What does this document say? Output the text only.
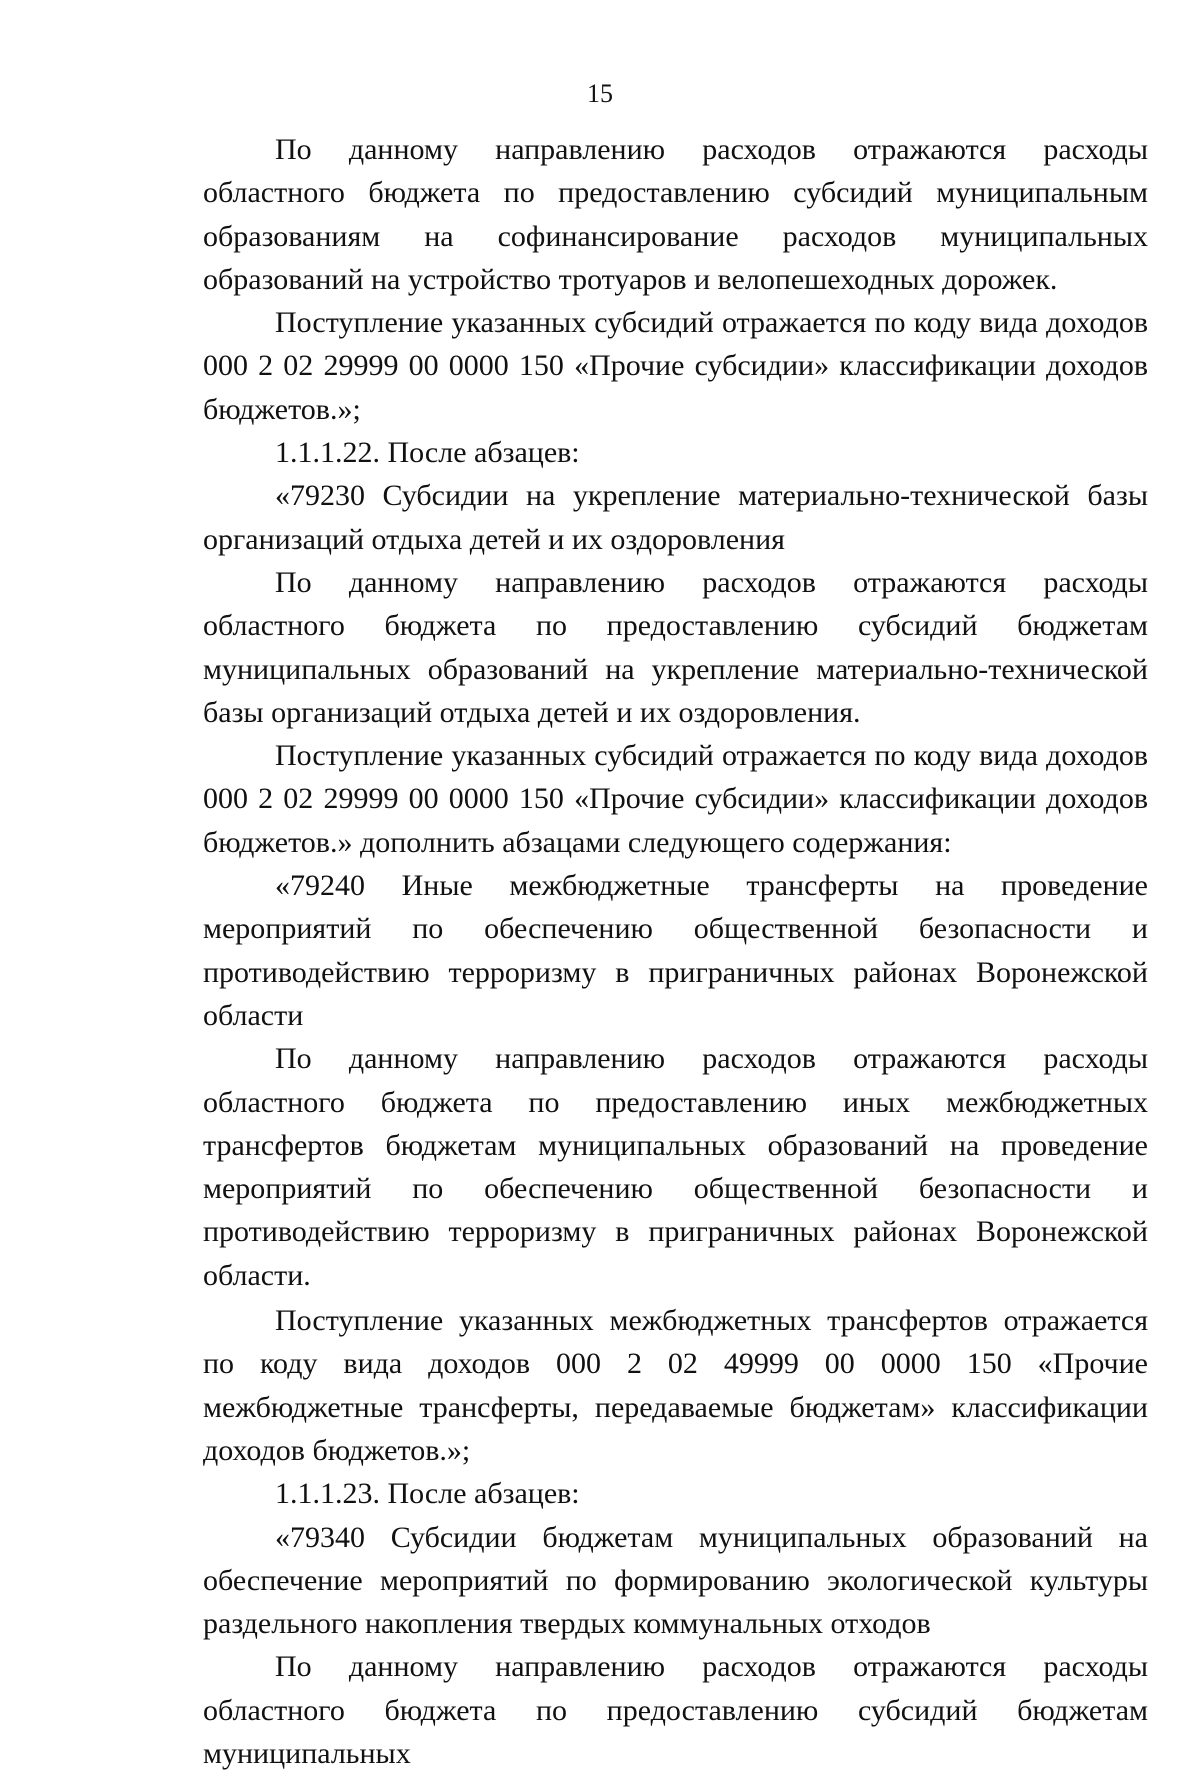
15

По данному направлению расходов отражаются расходы областного бюджета по предоставлению субсидий муниципальным образованиям на софинансирование расходов муниципальных образований на устройство тротуаров и велопешеходных дорожек.

Поступление указанных субсидий отражается по коду вида доходов 000 2 02 29999 00 0000 150 «Прочие субсидии» классификации доходов бюджетов.»;

1.1.1.22. После абзацев:

«79230 Субсидии на укрепление материально-технической базы организаций отдыха детей и их оздоровления

По данному направлению расходов отражаются расходы областного бюджета по предоставлению субсидий бюджетам муниципальных образований на укрепление материально-технической базы организаций отдыха детей и их оздоровления.

Поступление указанных субсидий отражается по коду вида доходов 000 2 02 29999 00 0000 150 «Прочие субсидии» классификации доходов бюджетов.» дополнить абзацами следующего содержания:

«79240 Иные межбюджетные трансферты на проведение мероприятий по обеспечению общественной безопасности и противодействию терроризму в приграничных районах Воронежской области

По данному направлению расходов отражаются расходы областного бюджета по предоставлению иных межбюджетных трансфертов бюджетам муниципальных образований на проведение мероприятий по обеспечению общественной безопасности и противодействию терроризму в приграничных районах Воронежской области.

Поступление указанных межбюджетных трансфертов отражается по коду вида доходов 000 2 02 49999 00 0000 150 «Прочие межбюджетные трансферты, передаваемые бюджетам» классификации доходов бюджетов.»;

1.1.1.23. После абзацев:

«79340 Субсидии бюджетам муниципальных образований на обеспечение мероприятий по формированию экологической культуры раздельного накопления твердых коммунальных отходов

По данному направлению расходов отражаются расходы областного бюджета по предоставлению субсидий бюджетам муниципальных
